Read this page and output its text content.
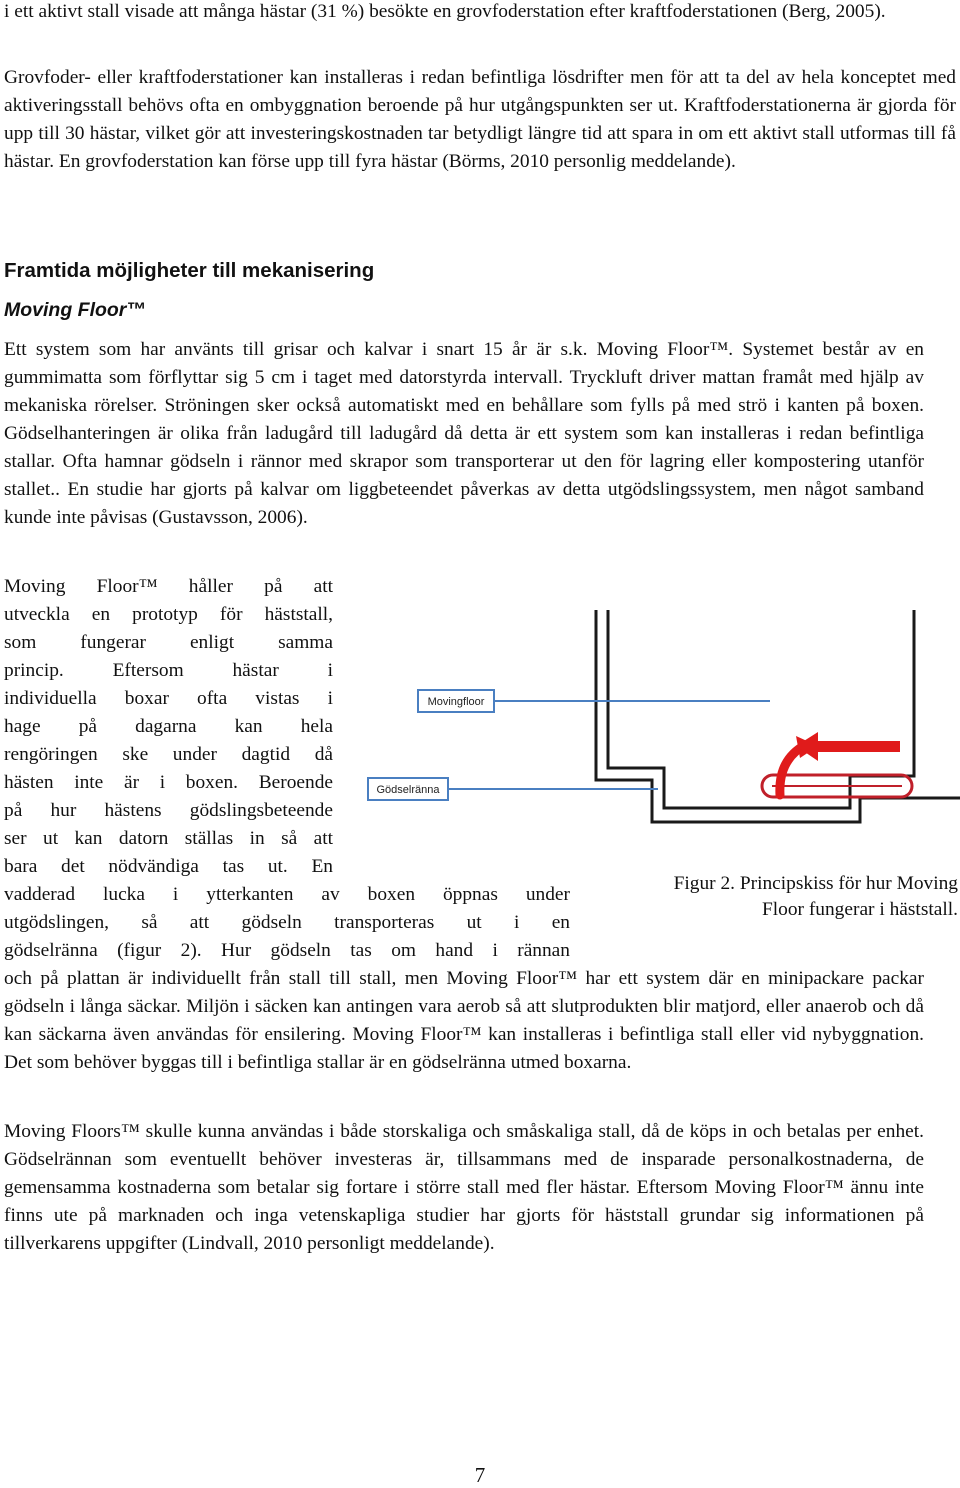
i ett aktivt stall visade att många hästar (31 %) besökte en grovfoderstation efter kraftfoderstationen (Berg, 2005).

Grovfoder- eller kraftfoderstationer kan installeras i redan befintliga lösdrifter men för att ta del av hela konceptet med aktiveringsstall behövs ofta en ombyggnation beroende på hur utgångspunkten ser ut. Kraftfoderstationerna är gjorda för upp till 30 hästar, vilket gör att investeringskostnaden tar betydligt längre tid att spara in om ett aktivt stall utformas till få hästar. En grovfoderstation kan förse upp till fyra hästar (Börms, 2010 personlig meddelande).

Framtida möjligheter till mekanisering
Moving Floor™

Ett system som har använts till grisar och kalvar i snart 15 år är s.k. Moving Floor™. Systemet består av en gummimatta som förflyttar sig 5 cm i taget med datorstyrda intervall. Tryckluft driver mattan framåt med hjälp av mekaniska rörelser. Ströningen sker också automatiskt med en behållare som fylls på med strö i kanten på boxen. Gödselhanteringen är olika från ladugård till ladugård då detta är ett system som kan installeras i redan befintliga stallar. Ofta hamnar gödseln i rännor med skrapor som transporterar ut den för lagring eller kompostering utanför stallet.. En studie har gjorts på kalvar om liggbeteendet påverkas av detta utgödslingssystem, men något samband kunde inte påvisas (Gustavsson, 2006).

Moving Floor™ håller på att
utveckla en prototyp för häststall,
som fungerar enligt samma
princip. Eftersom hästar i
individuella boxar ofta vistas i
hage på dagarna kan hela
rengöringen ske under dagtid då
hästen inte är i boxen. Beroende
på hur hästens gödslingsbeteende
ser ut kan datorn ställas in så att
bara det nödvändiga tas ut. En
vadderad lucka i ytterkanten av boxen öppnas under
utgödslingen, så att gödseln transporteras ut i en
gödselränna (figur 2). Hur gödseln tas om hand i rännan

och på plattan är individuellt från stall till stall, men Moving Floor™ har ett system där en minipackare packar gödseln i långa säckar. Miljön i säcken kan antingen vara aerob så att slutprodukten blir matjord, eller anaerob och då kan säckarna även användas för ensilering. Moving Floor™ kan installeras i befintliga stall eller vid nybyggnation. Det som behöver byggas till i befintliga stallar är en gödselränna utmed boxarna.

Moving Floors™ skulle kunna användas i både storskaliga och småskaliga stall, då de köps in och betalas per enhet. Gödselrännan som eventuellt behöver investeras är, tillsammans med de insparade personalkostnaderna, de gemensamma kostnaderna som betalar sig fortare i större stall med fler hästar. Eftersom Moving Floor™ ännu inte finns ute på marknaden och inga vetenskapliga studier har gjorts för häststall grundar sig informationen på tillverkarens uppgifter (Lindvall, 2010 personligt meddelande).

Movingfloor
Gödselränna
Figur 2. Principskiss för hur Moving
Floor fungerar i häststall.
7
